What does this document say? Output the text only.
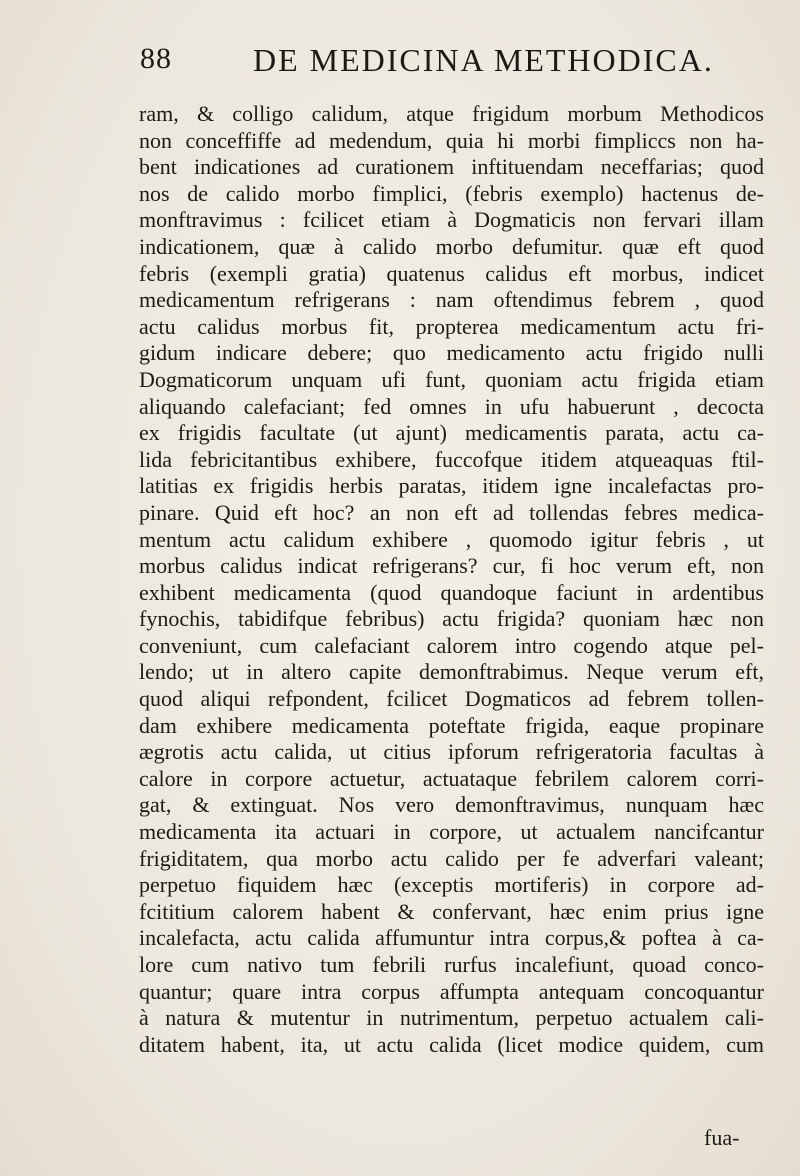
88	DE MEDICINA METHODICA.
ram, & colligo calidum, atque frigidum morbum Methodicos
non conceffiffe ad medendum, quia hi morbi fimpliccs non ha-
bent indicationes ad curationem inftituendam neceffarias; quod
nos de calido morbo fimplici, (febris exemplo) hactenus de-
monftravimus : fcilicet etiam à Dogmaticis non fervari illam
indicationem, quæ à calido morbo defumitur. quæ eft quod
febris (exempli gratia) quatenus calidus eft morbus, indicet
medicamentum refrigerans : nam oftendimus febrem , quod
actu calidus morbus fit, propterea medicamentum actu fri-
gidum indicare debere; quo medicamento actu frigido nulli
Dogmaticorum unquam ufi funt, quoniam actu frigida etiam
aliquando calefaciant; fed omnes in ufu habuerunt , decocta
ex frigidis facultate (ut ajunt) medicamentis parata, actu ca-
lida febricitantibus exhibere, fuccofque itidem atqueaquas ftil-
latitias ex frigidis herbis paratas, itidem igne incalefactas pro-
pinare. Quid eft hoc? an non eft ad tollendas febres medica-
mentum actu calidum exhibere , quomodo igitur febris , ut
morbus calidus indicat refrigerans? cur, fi hoc verum eft, non
exhibent medicamenta (quod quandoque faciunt in ardentibus
fynochis, tabidifque febribus) actu frigida? quoniam hæc non
conveniunt, cum calefaciant calorem intro cogendo atque pel-
lendo; ut in altero capite demonftrabimus. Neque verum eft,
quod aliqui refpondent, fcilicet Dogmaticos ad febrem tollen-
dam exhibere medicamenta poteftate frigida, eaque propinare
ægrotis actu calida, ut citius ipforum refrigeratoria facultas à
calore in corpore actuetur, actuataque febrilem calorem corri-
gat, & extinguat. Nos vero demonftravimus, nunquam hæc
medicamenta ita actuari in corpore, ut actualem nancifcantur
frigiditatem, qua morbo actu calido per fe adverfari valeant;
perpetuo fiquidem hæc (exceptis mortiferis) in corpore ad-
fcititium calorem habent & confervant, hæc enim prius igne
incalefacta, actu calida affumuntur intra corpus,& poftea à ca-
lore cum nativo tum febrili rurfus incalefiunt, quoad conco-
quantur; quare intra corpus affumpta antequam concoquantur
à natura & mutentur in nutrimentum, perpetuo actualem cali-
ditatem habent, ita, ut actu calida (licet modice quidem, cum
fua-
